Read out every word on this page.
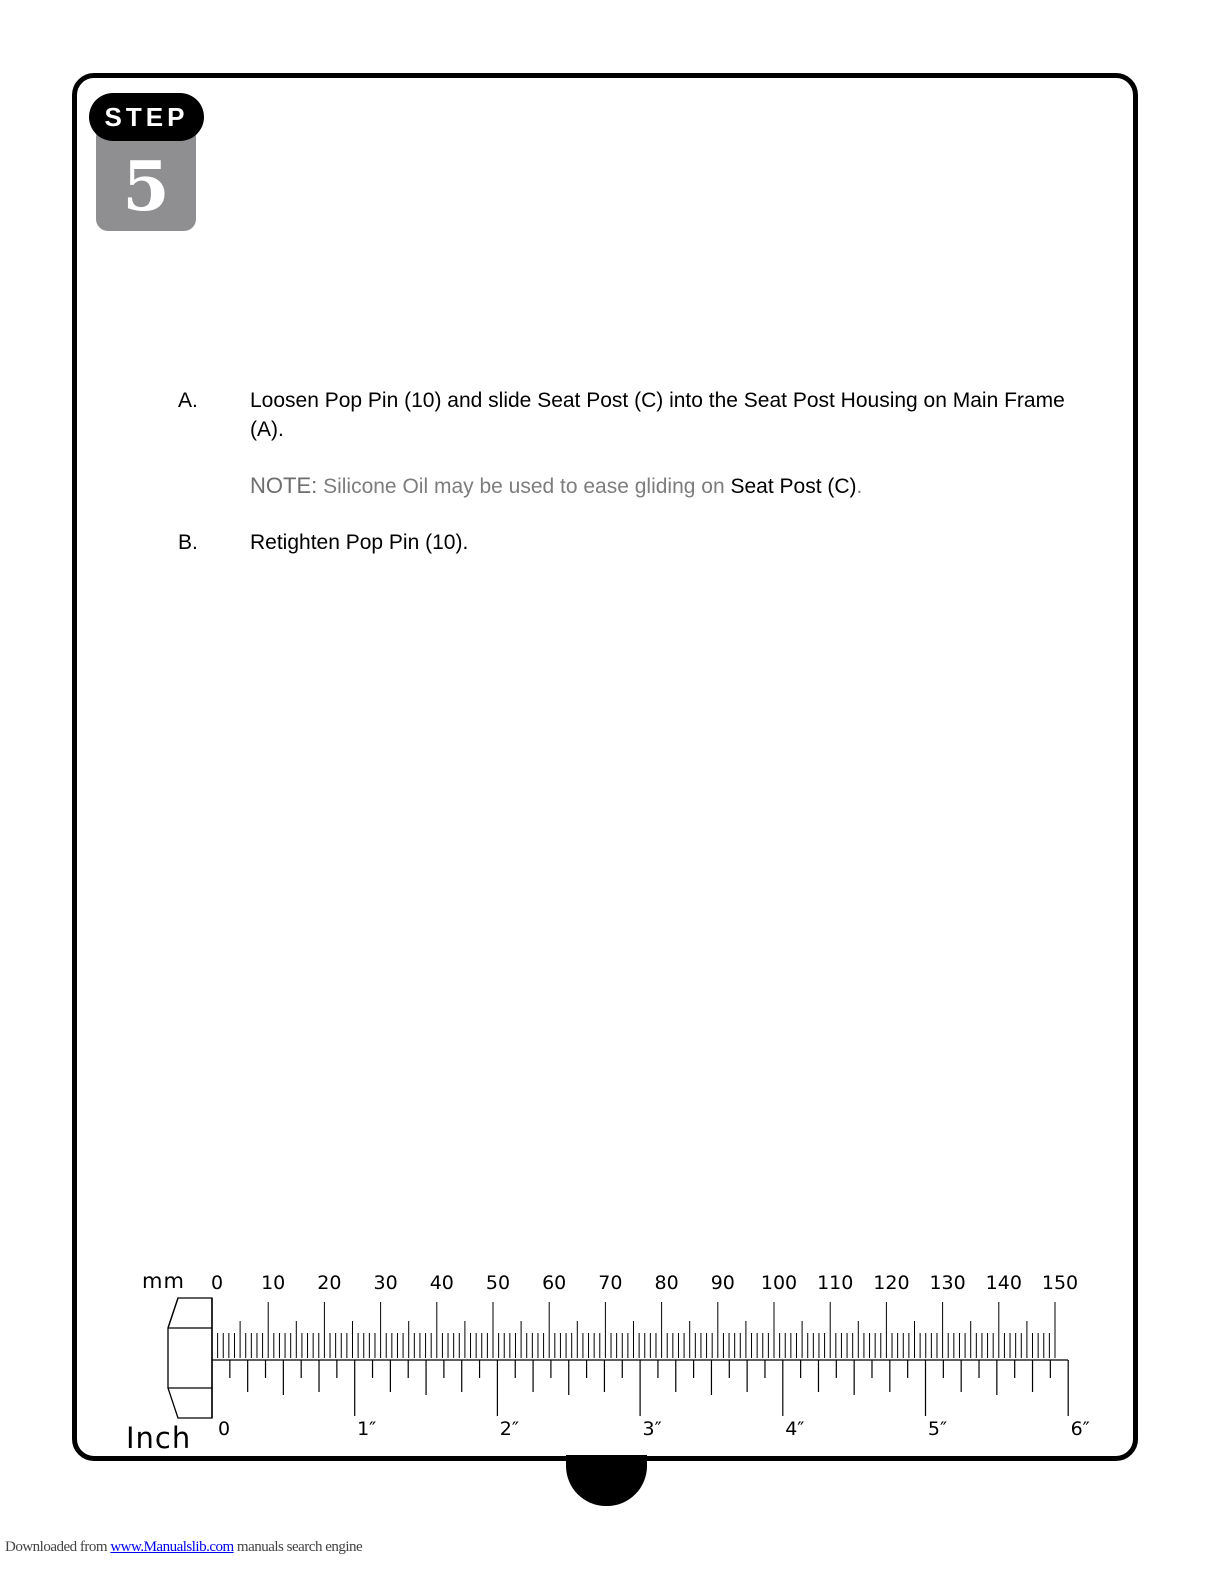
STEP
5
A. Loosen Pop Pin (10) and slide Seat Post (C) into the Seat Post Housing on Main Frame (A).
NOTE: Silicone Oil may be used to ease gliding on Seat Post (C).
B. Retighten Pop Pin (10).
mm
Inch
0 10 20 30 40 50 60 70 80 90 100 110 120 130 140 150
0	1″	2″	3″	4″	5″	6″
Downloaded from www.Manualslib.com manuals search engine
